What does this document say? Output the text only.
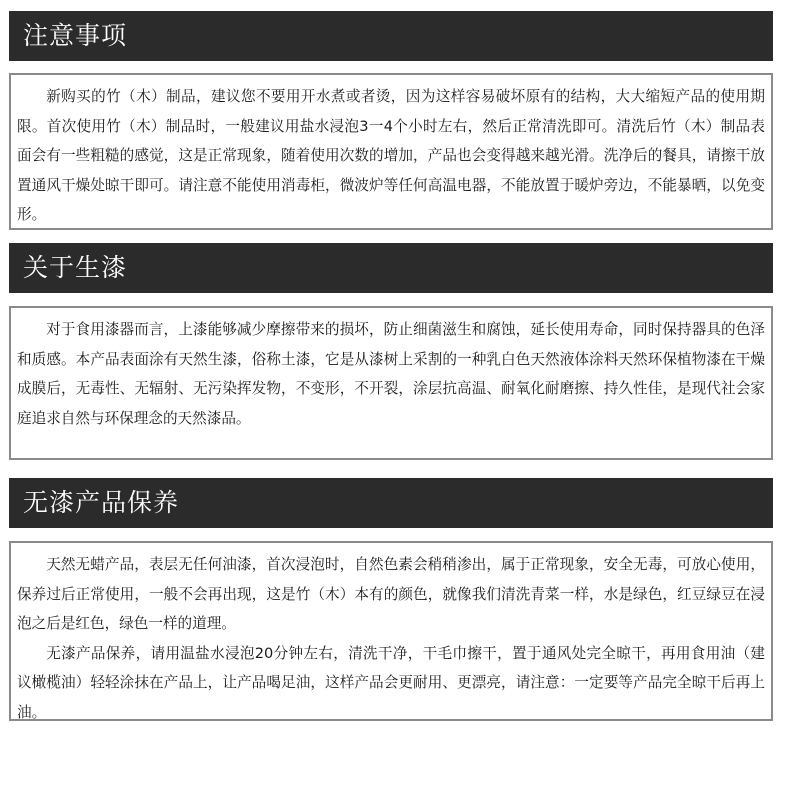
注意事项

新购买的竹（木）制品，建议您不要用开水煮或者烫，因为这样容易破坏原有的结构，大大缩短产品的使用期限。首次使用竹（木）制品时，一般建议用盐水浸泡3一4个小时左右，然后正常清洗即可。清洗后竹（木）制品表面会有一些粗糙的感觉，这是正常现象，随着使用次数的增加，产品也会变得越来越光滑。洗净后的餐具，请擦干放置通风干燥处晾干即可。请注意不能使用消毒柜，微波炉等任何高温电器，不能放置于暖炉旁边，不能暴晒，以免变形。

关于生漆

对于食用漆器而言，上漆能够减少摩擦带来的损坏，防止细菌滋生和腐蚀，延长使用寿命，同时保持器具的色泽和质感。本产品表面涂有天然生漆，俗称土漆，它是从漆树上采割的一种乳白色天然液体涂料天然环保植物漆在干燥成膜后，无毒性、无辐射、无污染挥发物，不变形，不开裂，涂层抗高温、耐氧化耐磨擦、持久性佳，是现代社会家庭追求自然与环保理念的天然漆品。

无漆产品保养

天然无蜡产品，表层无任何油漆，首次浸泡时，自然色素会稍稍渗出，属于正常现象，安全无毒，可放心使用，保养过后正常使用，一般不会再出现，这是竹（木）本有的颜色，就像我们清洗青菜一样，水是绿色，红豆绿豆在浸泡之后是红色，绿色一样的道理。

无漆产品保养，请用温盐水浸泡20分钟左右，清洗干净，干毛巾擦干，置于通风处完全晾干，再用食用油（建议橄榄油）轻轻涂抹在产品上，让产品喝足油，这样产品会更耐用、更漂亮，请注意：一定要等产品完全晾干后再上油。
